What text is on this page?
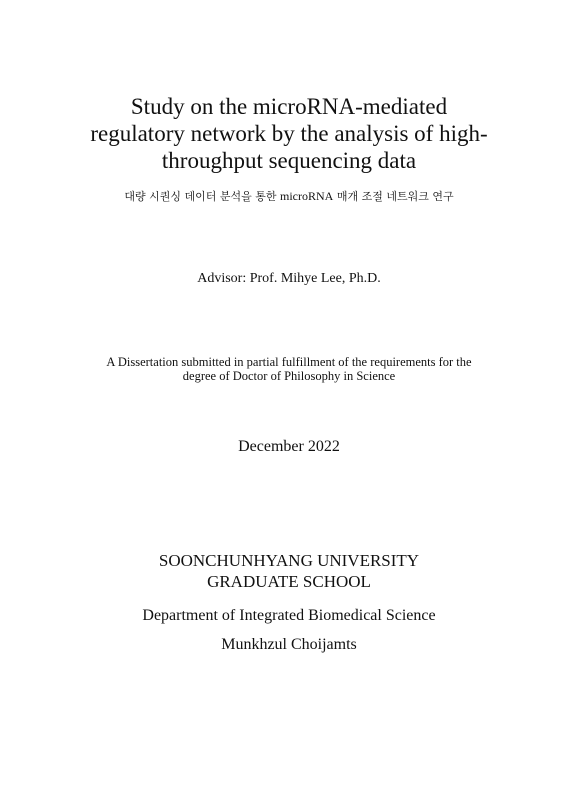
Study on the microRNA-mediated
regulatory network by the analysis of high-
throughput sequencing data
대량 시퀀싱 데이터 분석을 통한 microRNA 매개 조절 네트워크 연구
Advisor: Prof. Mihye Lee, Ph.D.
A Dissertation submitted in partial fulfillment of the requirements for the
degree of Doctor of Philosophy in Science
December 2022
SOONCHUNHYANG UNIVERSITY
GRADUATE SCHOOL
Department of Integrated Biomedical Science
Munkhzul Choijamts
